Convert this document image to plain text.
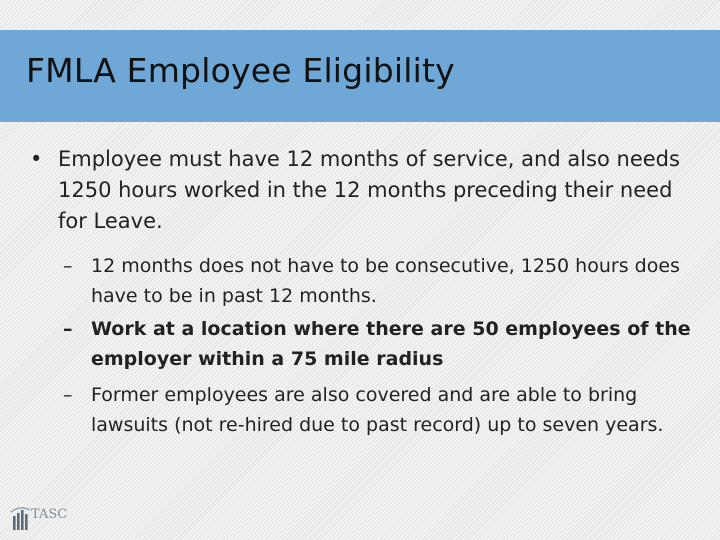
FMLA Employee Eligibility
• Employee must have 12 months of service, and also needs 1250 hours worked in the 12 months preceding their need for Leave.

– 12 months does not have to be consecutive, 1250 hours does have to be in past 12 months.

– Work at a location where there are 50 employees of the employer within a 75 mile radius

– Former employees are also covered and are able to bring lawsuits (not re-hired due to past record) up to seven years.

TASC
